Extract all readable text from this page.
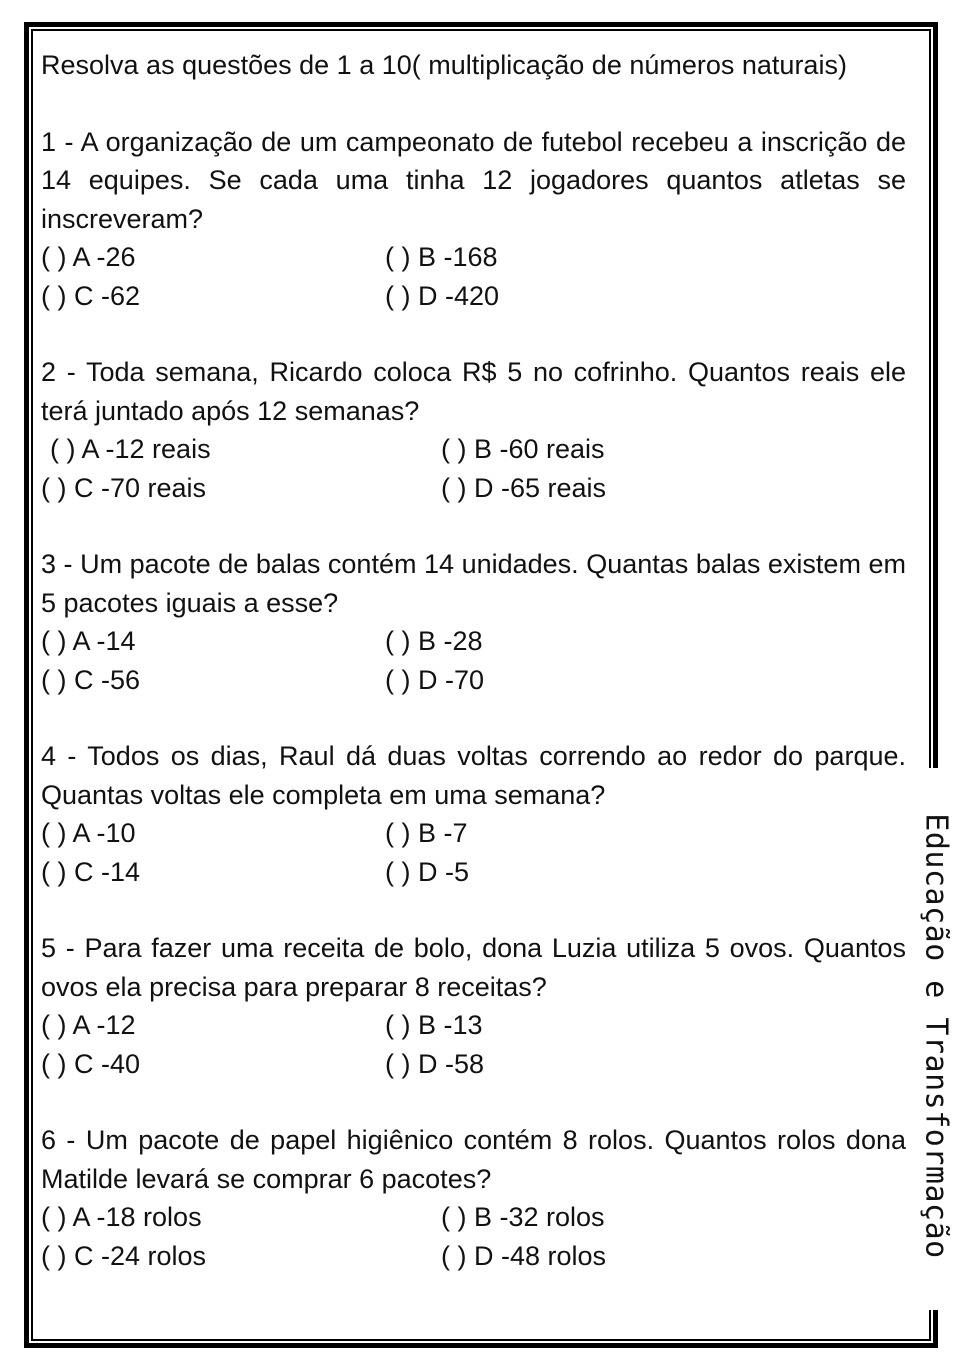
Educação e Transformação
Resolva as questões de 1 a 10( multiplicação de números naturais)
1 - A organização de um campeonato de futebol recebeu a inscrição de 14 equipes. Se cada uma tinha 12 jogadores quantos atletas se inscreveram?
( ) A -26	( ) B -168
( ) C -62	( ) D -420
2 - Toda semana, Ricardo coloca R$ 5 no cofrinho. Quantos reais ele terá juntado após 12 semanas?
( ) A -12 reais	( ) B -60 reais
( ) C -70 reais	( ) D -65 reais
3 - Um pacote de balas contém 14 unidades. Quantas balas existem em 5 pacotes iguais a esse?
( ) A -14	( ) B -28
( ) C -56	( ) D -70
4 - Todos os dias, Raul dá duas voltas correndo ao redor do parque. Quantas voltas ele completa em uma semana?
( ) A -10	( ) B -7
( ) C -14	( ) D -5
5 - Para fazer uma receita de bolo, dona Luzia utiliza 5 ovos. Quantos ovos ela precisa para preparar 8 receitas?
( ) A -12	( ) B -13
( ) C -40	( ) D -58
6 - Um pacote de papel higiênico contém 8 rolos. Quantos rolos dona Matilde levará se comprar 6 pacotes?
( ) A -18 rolos	( ) B -32 rolos
( ) C -24 rolos	( ) D -48 rolos
